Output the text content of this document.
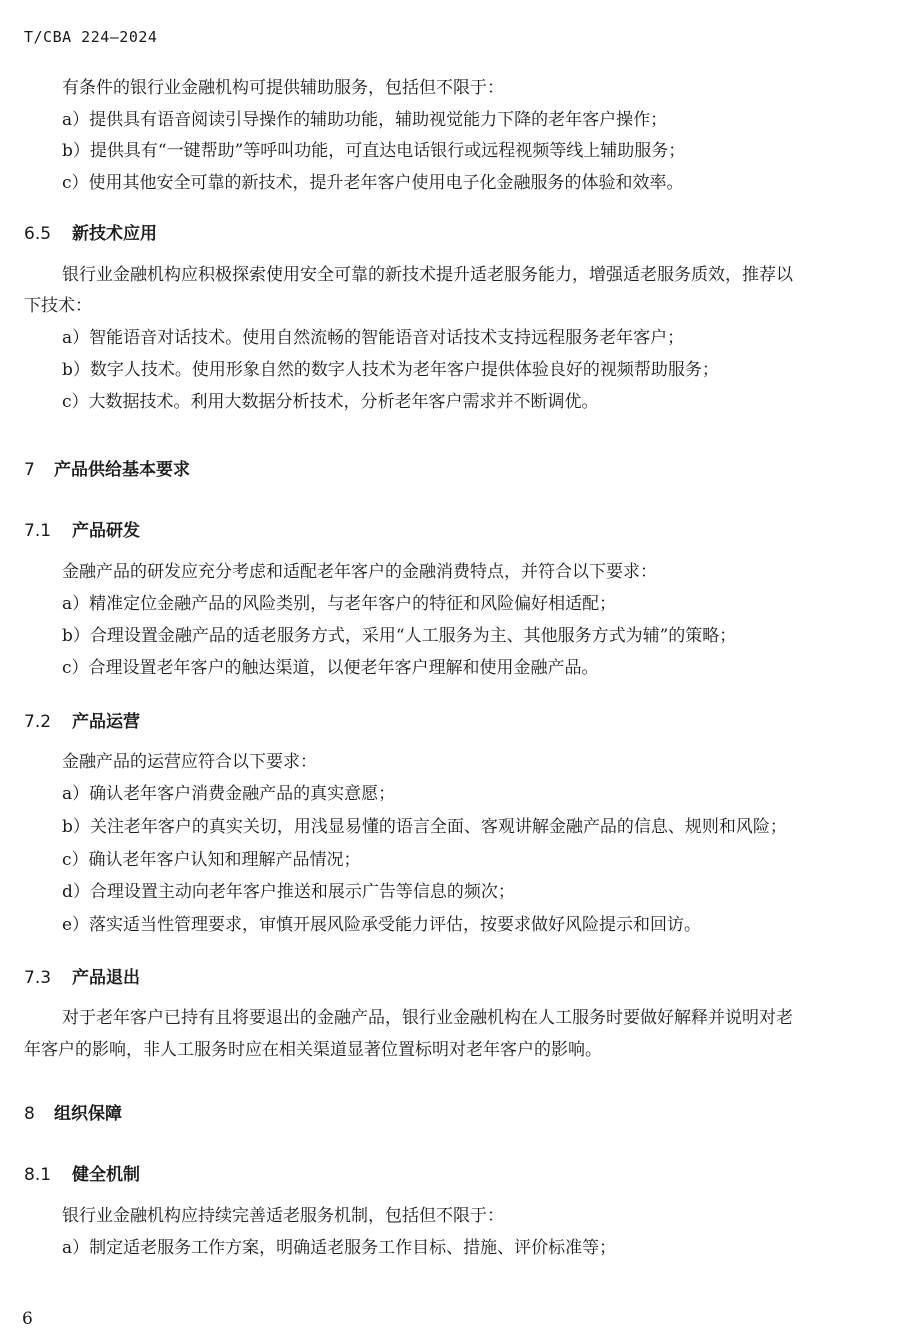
T/CBA 224—2024
有条件的银行业金融机构可提供辅助服务，包括但不限于：
a）提供具有语音阅读引导操作的辅助功能，辅助视觉能力下降的老年客户操作；
b）提供具有“一键帮助”等呼叫功能，可直达电话银行或远程视频等线上辅助服务；
c）使用其他安全可靠的新技术，提升老年客户使用电子化金融服务的体验和效率。
6.5 新技术应用
银行业金融机构应积极探索使用安全可靠的新技术提升适老服务能力，增强适老服务质效，推荐以
下技术：
a）智能语音对话技术。使用自然流畅的智能语音对话技术支持远程服务老年客户；
b）数字人技术。使用形象自然的数字人技术为老年客户提供体验良好的视频帮助服务；
c）大数据技术。利用大数据分析技术，分析老年客户需求并不断调优。
7 产品供给基本要求
7.1 产品研发
金融产品的研发应充分考虑和适配老年客户的金融消费特点，并符合以下要求：
a）精准定位金融产品的风险类别，与老年客户的特征和风险偏好相适配；
b）合理设置金融产品的适老服务方式，采用“人工服务为主、其他服务方式为辅”的策略；
c）合理设置老年客户的触达渠道，以便老年客户理解和使用金融产品。
7.2 产品运营
金融产品的运营应符合以下要求：
a）确认老年客户消费金融产品的真实意愿；
b）关注老年客户的真实关切，用浅显易懂的语言全面、客观讲解金融产品的信息、规则和风险；
c）确认老年客户认知和理解产品情况；
d）合理设置主动向老年客户推送和展示广告等信息的频次；
e）落实适当性管理要求，审慎开展风险承受能力评估，按要求做好风险提示和回访。
7.3 产品退出
对于老年客户已持有且将要退出的金融产品，银行业金融机构在人工服务时要做好解释并说明对老
年客户的影响，非人工服务时应在相关渠道显著位置标明对老年客户的影响。
8 组织保障
8.1 健全机制
银行业金融机构应持续完善适老服务机制，包括但不限于：
a）制定适老服务工作方案，明确适老服务工作目标、措施、评价标准等；
6
